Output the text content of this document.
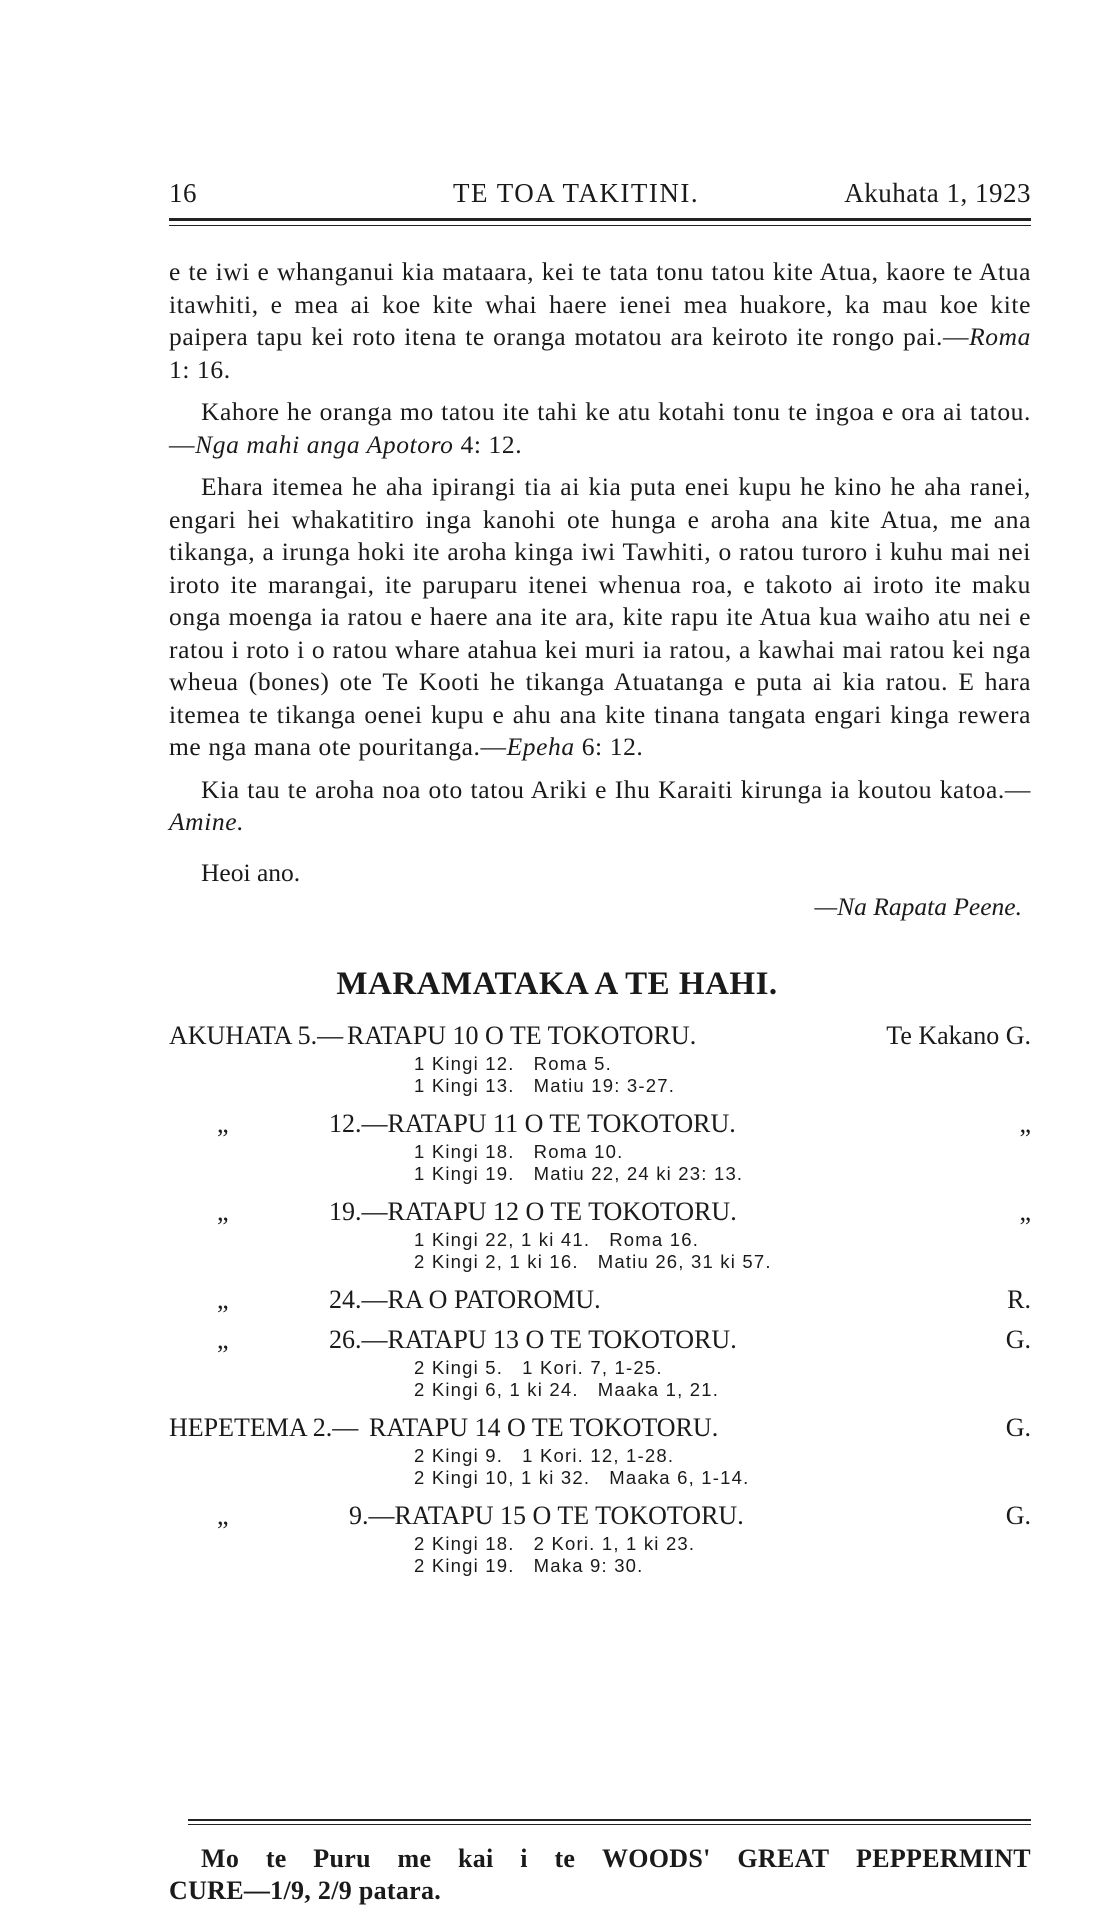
16	TE TOA TAKITINI.	Akuhata 1, 1923

e te iwi e whanganui kia mataara, kei te tata tonu tatou kite Atua, kaore te Atua itawhiti, e mea ai koe kite whai haere ienei mea huakore, ka mau koe kite paipera tapu kei roto itena te oranga motatou ara keiroto ite rongo pai.—Roma 1: 16.

Kahore he oranga mo tatou ite tahi ke atu kotahi tonu te ingoa e ora ai tatou.—Nga mahi anga Apotoro 4: 12.

Ehara itemea he aha ipirangi tia ai kia puta enei kupu he kino he aha ranei, engari hei whakatitiro inga kanohi ote hunga e aroha ana kite Atua, me ana tikanga, a irunga hoki ite aroha kinga iwi Tawhiti, o ratou turoro i kuhu mai nei iroto ite marangai, ite paruparu itenei whenua roa, e takoto ai iroto ite maku onga moenga ia ratou e haere ana ite ara, kite rapu ite Atua kua waiho atu nei e ratou i roto i o ratou whare atahua kei muri ia ratou, a kawhai mai ratou kei nga wheua (bones) ote Te Kooti he tikanga Atuatanga e puta ai kia ratou. E hara itemea te tikanga oenei kupu e ahu ana kite tinana tangata engari kinga rewera me nga mana ote pouritanga.—Epeha 6: 12.

Kia tau te aroha noa oto tatou Ariki e Ihu Karaiti kirunga ia koutou katoa.—Amine.

Heoi ano.
—Na Rapata Peene.
MARAMATAKA A TE HAHI.
AKUHATA 5.— RATAPU 10 O TE TOKOTORU.	Te Kakano G.
1 Kingi 12.   Roma 5.
1 Kingi 13.   Matiu 19: 3-27.
„	12.—RATAPU 11 O TE TOKOTORU.	„
1 Kingi 18.   Roma 10.
1 Kingi 19.   Matiu 22, 24 ki 23: 13.
„	19.—RATAPU 12 O TE TOKOTORU.	„
1 Kingi 22, 1 ki 41.   Roma 16.
2 Kingi 2, 1 ki 16.   Matiu 26, 31 ki 57.
„	24.—RA O PATOROMU.	R.
„	26.—RATAPU 13 O TE TOKOTORU.	G.
2 Kingi 5.   1 Kori. 7, 1-25.
2 Kingi 6, 1 ki 24.   Maaka 1, 21.
HEPETEMA 2.— RATAPU 14 O TE TOKOTORU.	G.
2 Kingi 9.   1 Kori. 12, 1-28.
2 Kingi 10, 1 ki 32.   Maaka 6, 1-14.
„	9.—RATAPU 15 O TE TOKOTORU.	G.
2 Kingi 18.   2 Kori. 1, 1 ki 23.
2 Kingi 19.   Maka 9: 30.
Mo te Puru me kai i te WOODS' GREAT PEPPERMINT
CURE—1/9, 2/9 patara.
